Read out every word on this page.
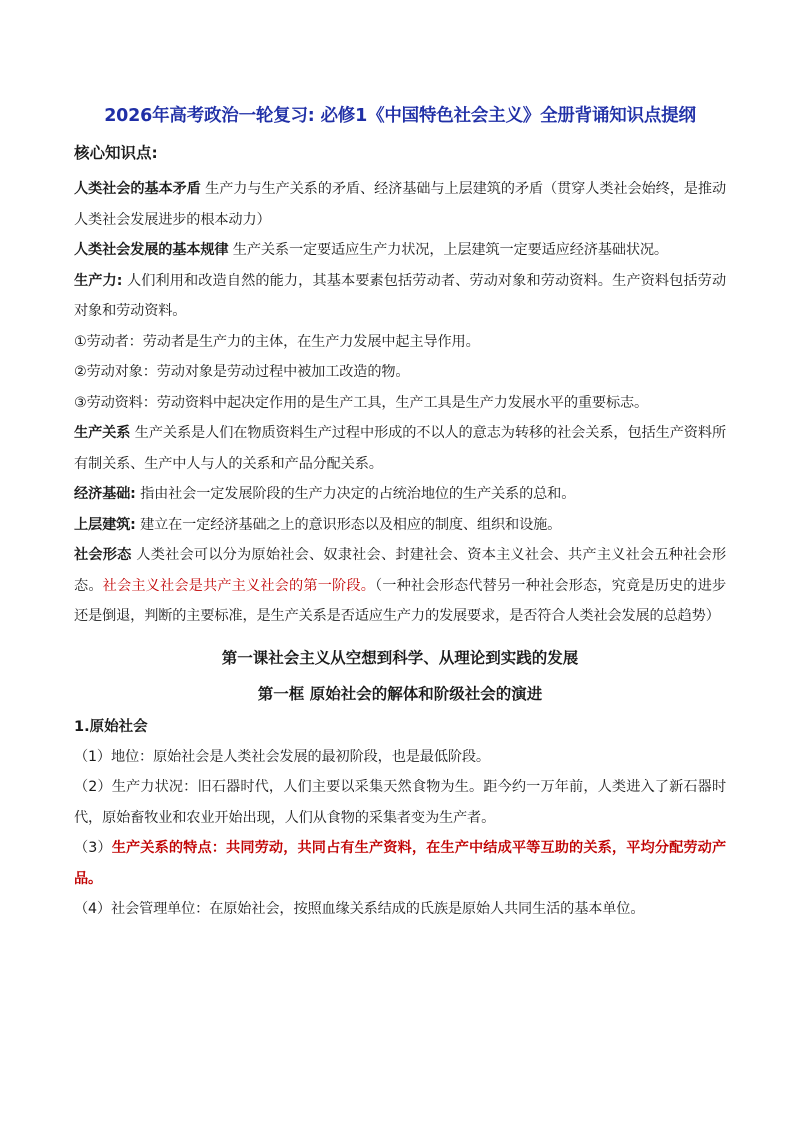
2026年高考政治一轮复习: 必修1《中国特色社会主义》全册背诵知识点提纲
核心知识点:

人类社会的基本矛盾 生产力与生产关系的矛盾、经济基础与上层建筑的矛盾（贯穿人类社会始终，是推动人类社会发展进步的根本动力）

人类社会发展的基本规律 生产关系一定要适应生产力状况，上层建筑一定要适应经济基础状况。

生产力: 人们利用和改造自然的能力，其基本要素包括劳动者、劳动对象和劳动资料。生产资料包括劳动对象和劳动资料。

①劳动者：劳动者是生产力的主体，在生产力发展中起主导作用。

②劳动对象：劳动对象是劳动过程中被加工改造的物。

③劳动资料：劳动资料中起决定作用的是生产工具，生产工具是生产力发展水平的重要标志。

生产关系 生产关系是人们在物质资料生产过程中形成的不以人的意志为转移的社会关系，包括生产资料所有制关系、生产中人与人的关系和产品分配关系。

经济基础: 指由社会一定发展阶段的生产力决定的占统治地位的生产关系的总和。

上层建筑: 建立在一定经济基础之上的意识形态以及相应的制度、组织和设施。

社会形态 人类社会可以分为原始社会、奴隶社会、封建社会、资本主义社会、共产主义社会五种社会形态。社会主义社会是共产主义社会的第一阶段。（一种社会形态代替另一种社会形态，究竟是历史的进步还是倒退，判断的主要标准，是生产关系是否适应生产力的发展要求，是否符合人类社会发展的总趋势）

第一课社会主义从空想到科学、从理论到实践的发展
第一框 原始社会的解体和阶级社会的演进
1.原始社会

（1）地位：原始社会是人类社会发展的最初阶段，也是最低阶段。

（2）生产力状况：旧石器时代，人们主要以采集天然食物为生。距今约一万年前，人类进入了新石器时代，原始畜牧业和农业开始出现，人们从食物的采集者变为生产者。

（3）生产关系的特点：共同劳动，共同占有生产资料，在生产中结成平等互助的关系，平均分配劳动产品。

（4）社会管理单位：在原始社会，按照血缘关系结成的氏族是原始人共同生活的基本单位。
